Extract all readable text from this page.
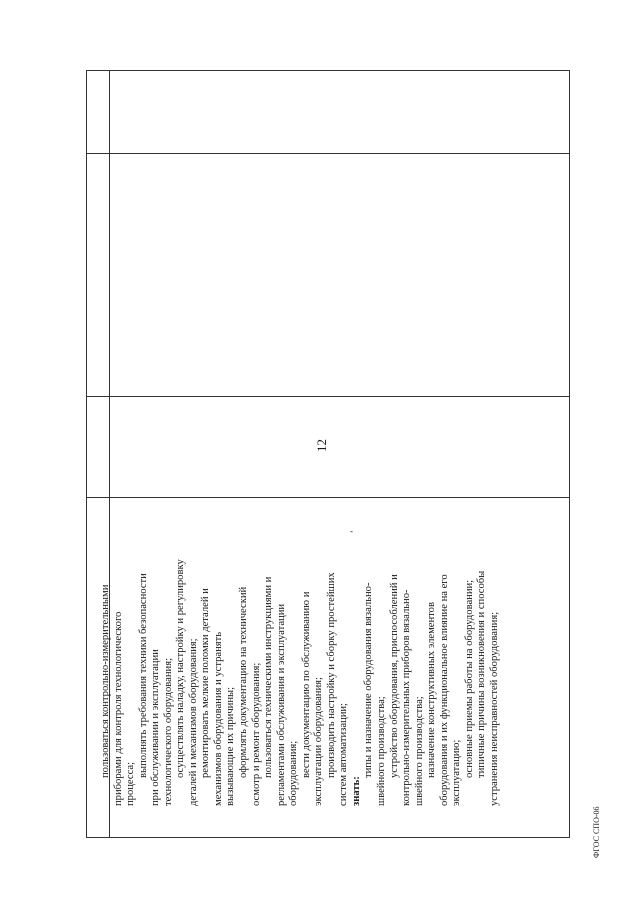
12
пользоваться контрольно-измерительными приборами для контроля технологического процесса;
выполнять требования техники безопасности при обслуживании и эксплуатации технологического оборудования; осуществлять наладку, настройку и регулировку деталей и механизмов оборудования; ремонтировать мелкие поломки деталей и механизмов оборудования и устранять вызывающие их причины; оформлять документацию на технический осмотр и ремонт оборудования; пользоваться техническими инструкциями и регламентами обслуживания и эксплуатации оборудования; вести документацию по обслуживанию и эксплуатации оборудования; производить настройку и сборку простейших систем автоматизации; знать:
типы и назначение оборудования вязально- швейного производства; устройство оборудования, приспособлений и контрольно-измерительных приборов вязально- швейного производства; назначение конструктивных элементов оборудования и их функциональное влияние на его эксплуатацию; основные приемы работы на оборудовании; типичные причины возникновения и способы устранения неисправностей оборудования;
-
ФГОС СПО-06
